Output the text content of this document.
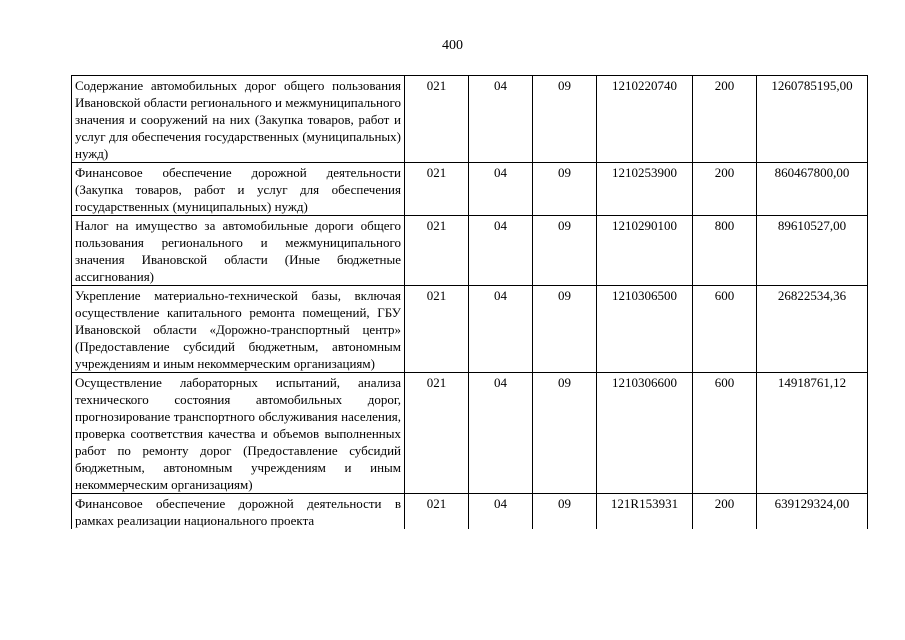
400
Содержание автомобильных дорог общего пользования Ивановской области регионального и межмуниципального значения и сооружений на них (Закупка товаров, работ и услуг для обеспечения государственных (муниципальных) нужд)	021	04	09	1210220740	200	1260785195,00
Финансовое обеспечение дорожной деятельности (Закупка товаров, работ и услуг для обеспечения государственных (муниципальных) нужд)	021	04	09	1210253900	200	860467800,00
Налог на имущество за автомобильные дороги общего пользования регионального и межмуниципального значения Ивановской области (Иные бюджетные ассигнования)	021	04	09	1210290100	800	89610527,00
Укрепление материально-технической базы, включая осуществление капитального ремонта помещений, ГБУ Ивановской области «Дорожно-транспортный центр» (Предоставление субсидий бюджетным, автономным учреждениям и иным некоммерческим организациям)	021	04	09	1210306500	600	26822534,36
Осуществление лабораторных испытаний, анализа технического состояния автомобильных дорог, прогнозирование транспортного обслуживания населения, проверка соответствия качества и объемов выполненных работ по ремонту дорог (Предоставление субсидий бюджетным, автономным учреждениям и иным некоммерческим организациям)	021	04	09	1210306600	600	14918761,12

Финансовое обеспечение дорожной деятельности в рамках реализации национального проекта	021	04	09	121R153931	200	639129324,00
